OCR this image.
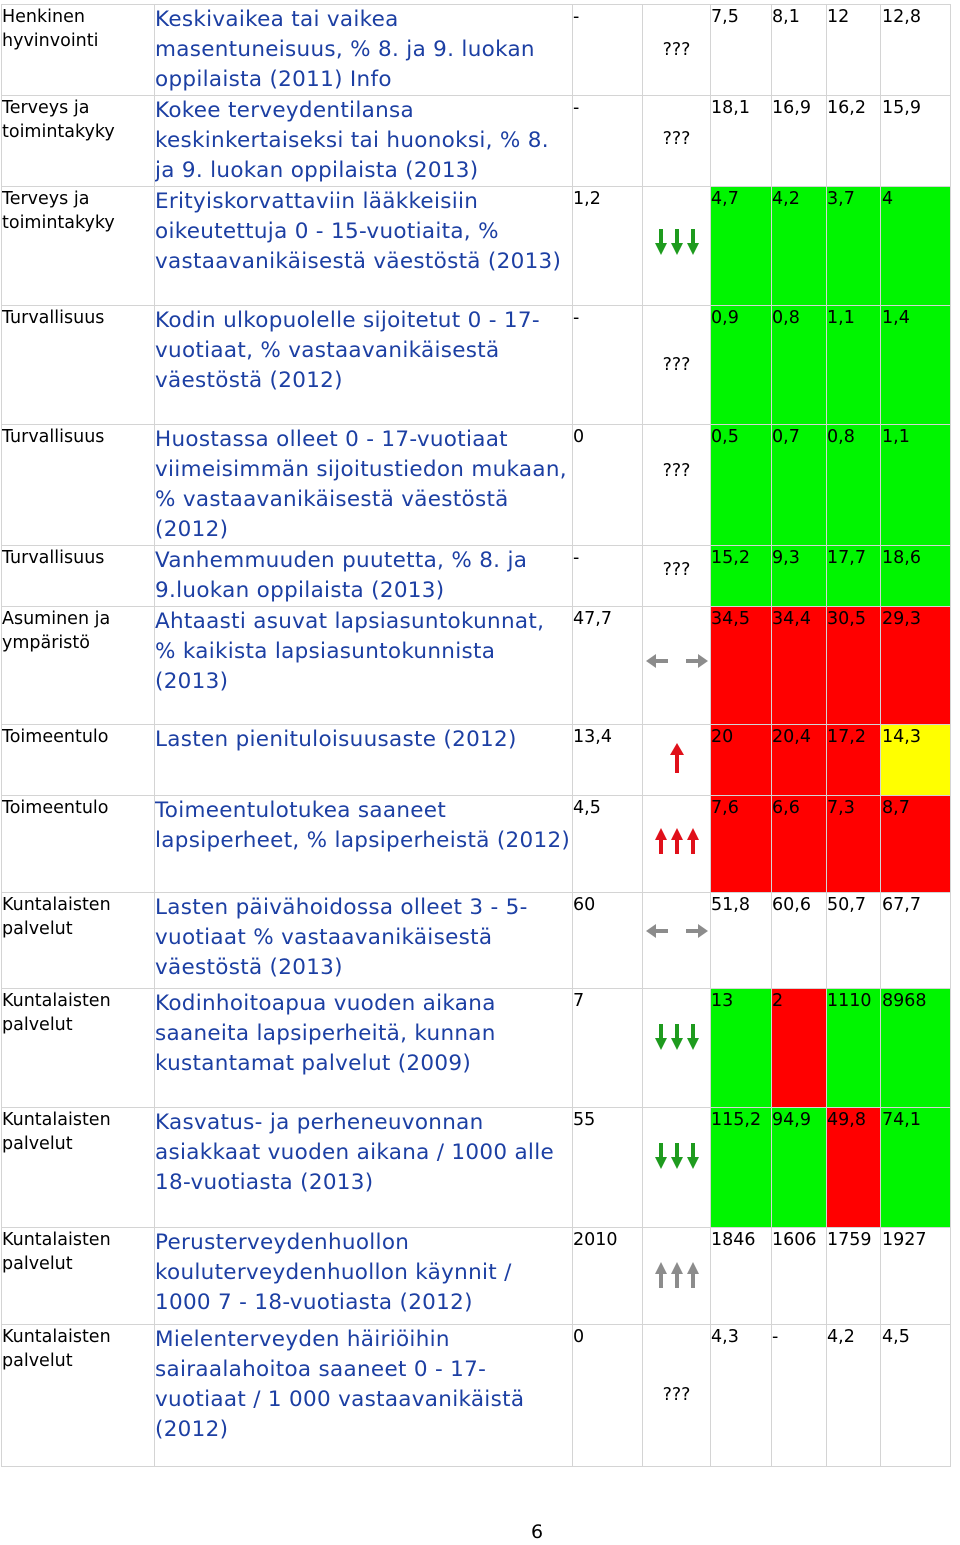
Henkinen hyvinvointi	Keskivaikea tai vaikea masentuneisuus, % 8. ja 9. luokan oppilaista (2011) Info	-	???	7,5	8,1	12	12,8
Terveys ja toimintakyky	Kokee terveydentilansa keskinkertaiseksi tai huonoksi, % 8. ja 9. luokan oppilaista (2013)	-	???	18,1	16,9	16,2	15,9
Terveys ja toimintakyky	Erityiskorvattaviin lääkkeisiin oikeutettuja 0 - 15-vuotiaita, % vastaavanikäisestä väestöstä (2013)	1,2		4,7	4,2	3,7	4
Turvallisuus	Kodin ulkopuolelle sijoitetut 0 - 17-vuotiaat, % vastaavanikäisestä väestöstä (2012)	-	???	0,9	0,8	1,1	1,4
Turvallisuus	Huostassa olleet 0 - 17-vuotiaat viimeisimmän sijoitustiedon mukaan, % vastaavanikäisestä väestöstä (2012)	0	???	0,5	0,7	0,8	1,1
Turvallisuus	Vanhemmuuden puutetta, % 8. ja 9.luokan oppilaista (2013)	-	???	15,2	9,3	17,7	18,6
Asuminen ja ympäristö	Ahtaasti asuvat lapsiasuntokunnat, % kaikista lapsiasuntokunnista (2013)	47,7		34,5	34,4	30,5	29,3
Toimeentulo	Lasten pienituloisuusaste (2012)	13,4		20	20,4	17,2	14,3
Toimeentulo	Toimeentulotukea saaneet lapsiperheet, % lapsiperheistä (2012)	4,5		7,6	6,6	7,3	8,7
Kuntalaisten palvelut	Lasten päivähoidossa olleet 3 - 5-vuotiaat % vastaavanikäisestä väestöstä (2013)	60		51,8	60,6	50,7	67,7
Kuntalaisten palvelut	Kodinhoitoapua vuoden aikana saaneita lapsiperheitä, kunnan kustantamat palvelut (2009)	7		13	2	1110	8968
Kuntalaisten palvelut	Kasvatus- ja perheneuvonnan asiakkaat vuoden aikana / 1000 alle 18-vuotiasta (2013)	55		115,2	94,9	49,8	74,1
Kuntalaisten palvelut	Perusterveydenhuollon kouluterveydenhuollon käynnit / 1000 7 - 18-vuotiasta (2012)	2010		1846	1606	1759	1927
Kuntalaisten palvelut	Mielenterveyden häiriöihin sairaalahoitoa saaneet 0 - 17-vuotiaat / 1 000 vastaavanikäistä (2012)	0	???	4,3	-	4,2	4,5
6
